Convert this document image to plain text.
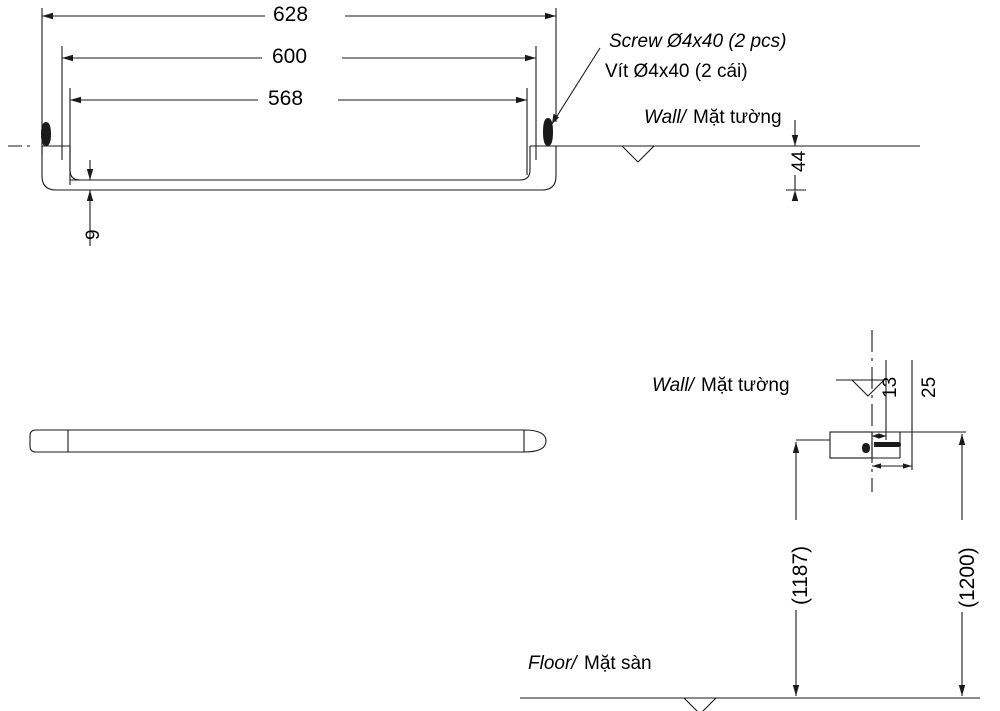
628
600
568
44
9
Screw Ø4x40 (2 pcs)
Vít Ø4x40 (2 cái)
Wall/ Mặt tường
Wall/ Mặt tường	13 25
(1187)	(1200)
Floor/ Mặt sàn
